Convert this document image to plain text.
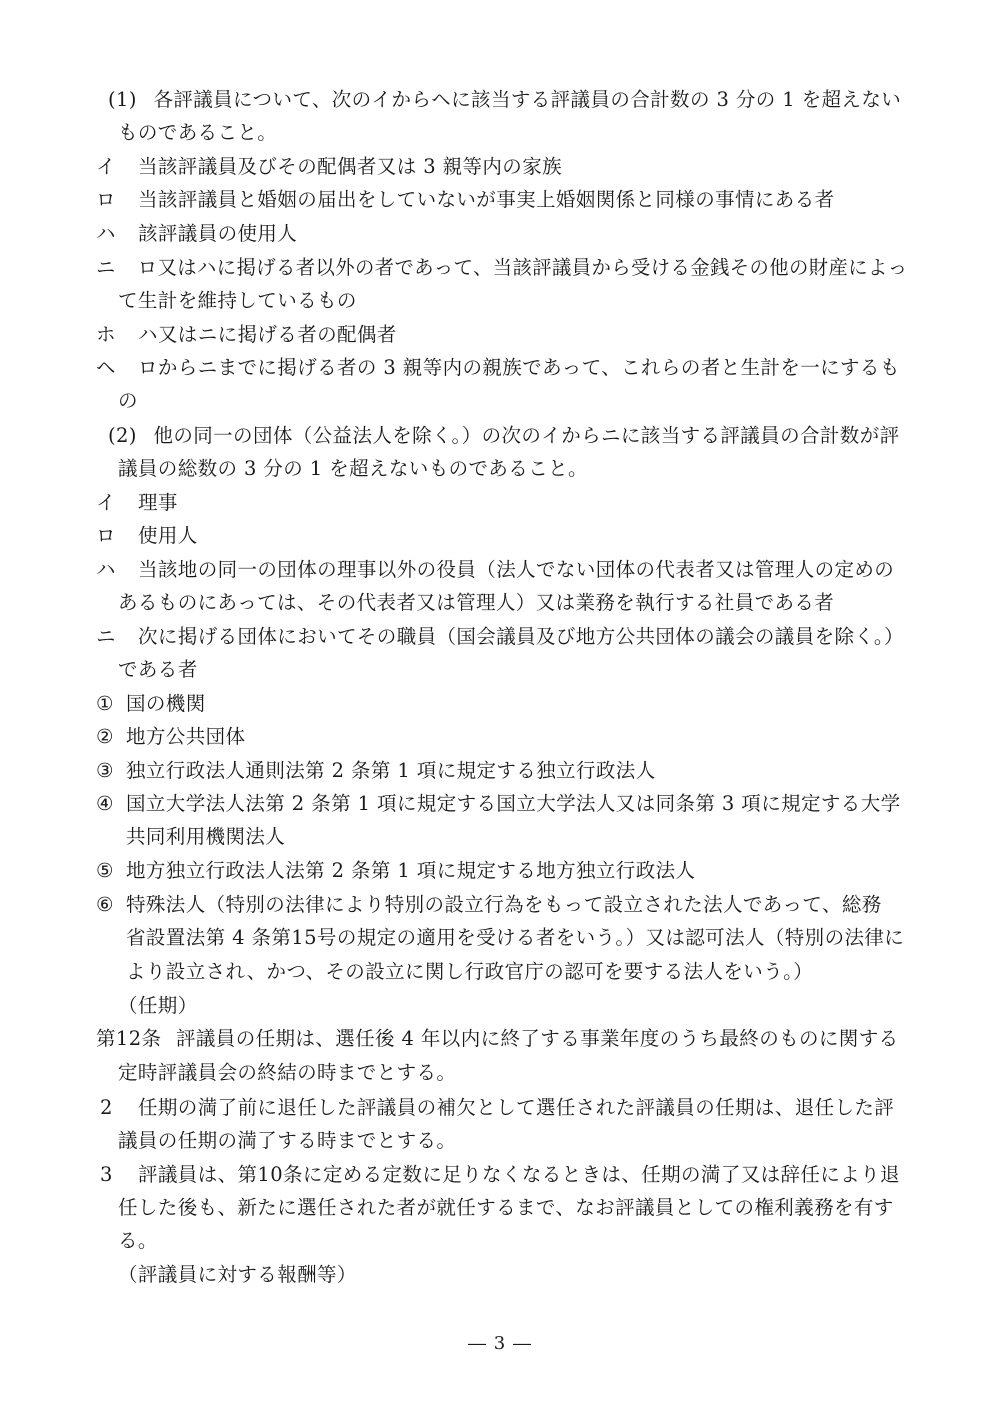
(1) 各評議員について、次のイからヘに該当する評議員の合計数の 3 分の 1 を超えない
ものであること。
イ 当該評議員及びその配偶者又は 3 親等内の家族
ロ 当該評議員と婚姻の届出をしていないが事実上婚姻関係と同様の事情にある者
ハ 該評議員の使用人
ニ ロ又はハに掲げる者以外の者であって、当該評議員から受ける金銭その他の財産によっ
て生計を維持しているもの
ホ ハ又はニに掲げる者の配偶者
ヘ ロからニまでに掲げる者の 3 親等内の親族であって、これらの者と生計を一にするも
の
(2) 他の同一の団体（公益法人を除く。）の次のイからニに該当する評議員の合計数が評
議員の総数の 3 分の 1 を超えないものであること。
イ 理事
ロ 使用人
ハ 当該地の同一の団体の理事以外の役員（法人でない団体の代表者又は管理人の定めの
あるものにあっては、その代表者又は管理人）又は業務を執行する社員である者
ニ 次に掲げる団体においてその職員（国会議員及び地方公共団体の議会の議員を除く。）
である者
① 国の機関
② 地方公共団体
③ 独立行政法人通則法第 2 条第 1 項に規定する独立行政法人
④ 国立大学法人法第 2 条第 1 項に規定する国立大学法人又は同条第 3 項に規定する大学
共同利用機関法人
⑤ 地方独立行政法人法第 2 条第 1 項に規定する地方独立行政法人
⑥ 特殊法人（特別の法律により特別の設立行為をもって設立された法人であって、総務
省設置法第 4 条第15号の規定の適用を受ける者をいう。）又は認可法人（特別の法律に
より設立され、かつ、その設立に関し行政官庁の認可を要する法人をいう。）
（任期）
第12条 評議員の任期は、選任後 4 年以内に終了する事業年度のうち最終のものに関する
定時評議員会の終結の時までとする。
2 任期の満了前に退任した評議員の補欠として選任された評議員の任期は、退任した評
議員の任期の満了する時までとする。
3 評議員は、第10条に定める定数に足りなくなるときは、任期の満了又は辞任により退
任した後も、新たに選任された者が就任するまで、なお評議員としての権利義務を有す
る。
（評議員に対する報酬等）
― 3 ―
